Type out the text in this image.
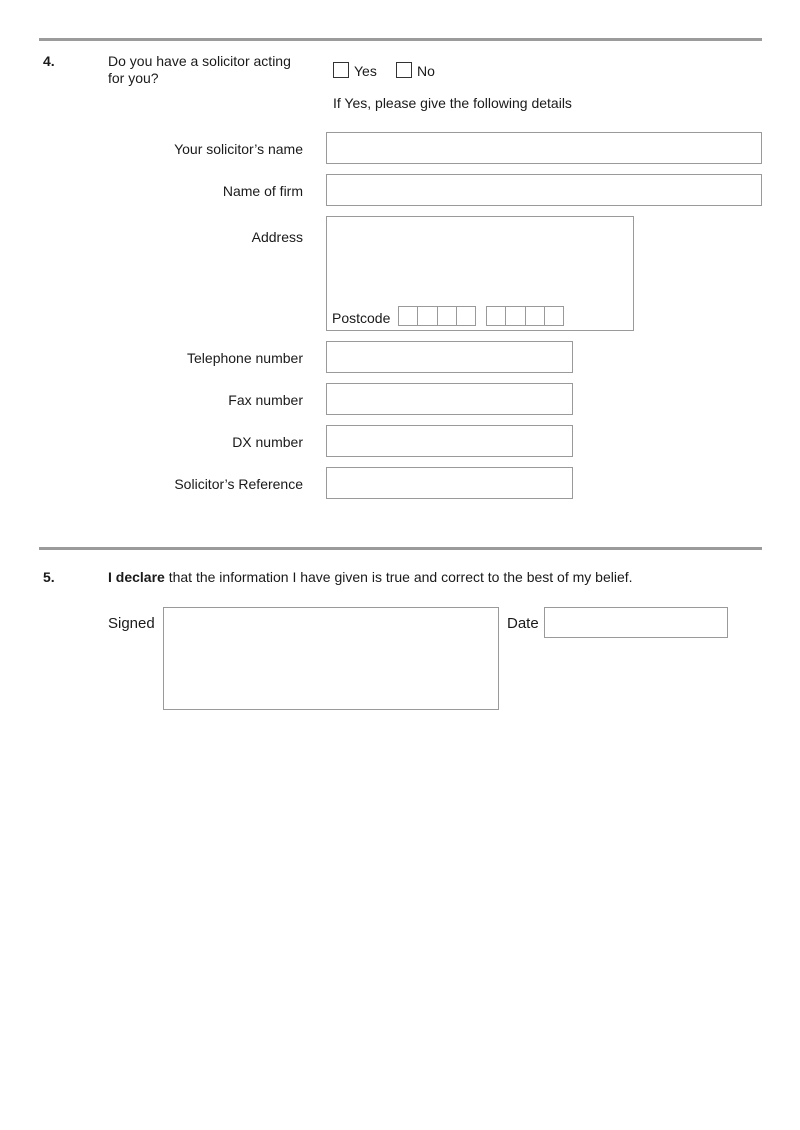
4.	Do you have a solicitor acting
for you?	Yes	No
If Yes, please give the following details
Your solicitor’s name
Name of firm
Address
Postcode
Telephone number
Fax number
DX number
Solicitor’s Reference
5.	I declare that the information I have given is true and correct to the best of my belief.
Signed	Date
